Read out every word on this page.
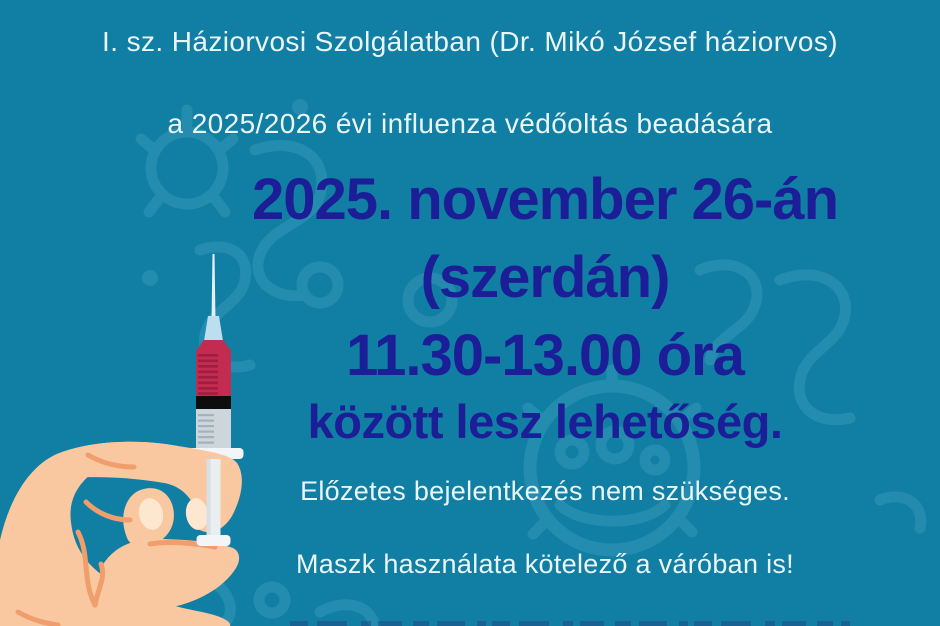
I. sz. Háziorvosi Szolgálatban (Dr. Mikó József háziorvos)
a 2025/2026 évi influenza védőoltás beadására
2025. november 26-án
(szerdán)
11.30-13.00 óra
között lesz lehetőség.
Előzetes bejelentkezés nem szükséges.
Maszk használata kötelező a váróban is!
